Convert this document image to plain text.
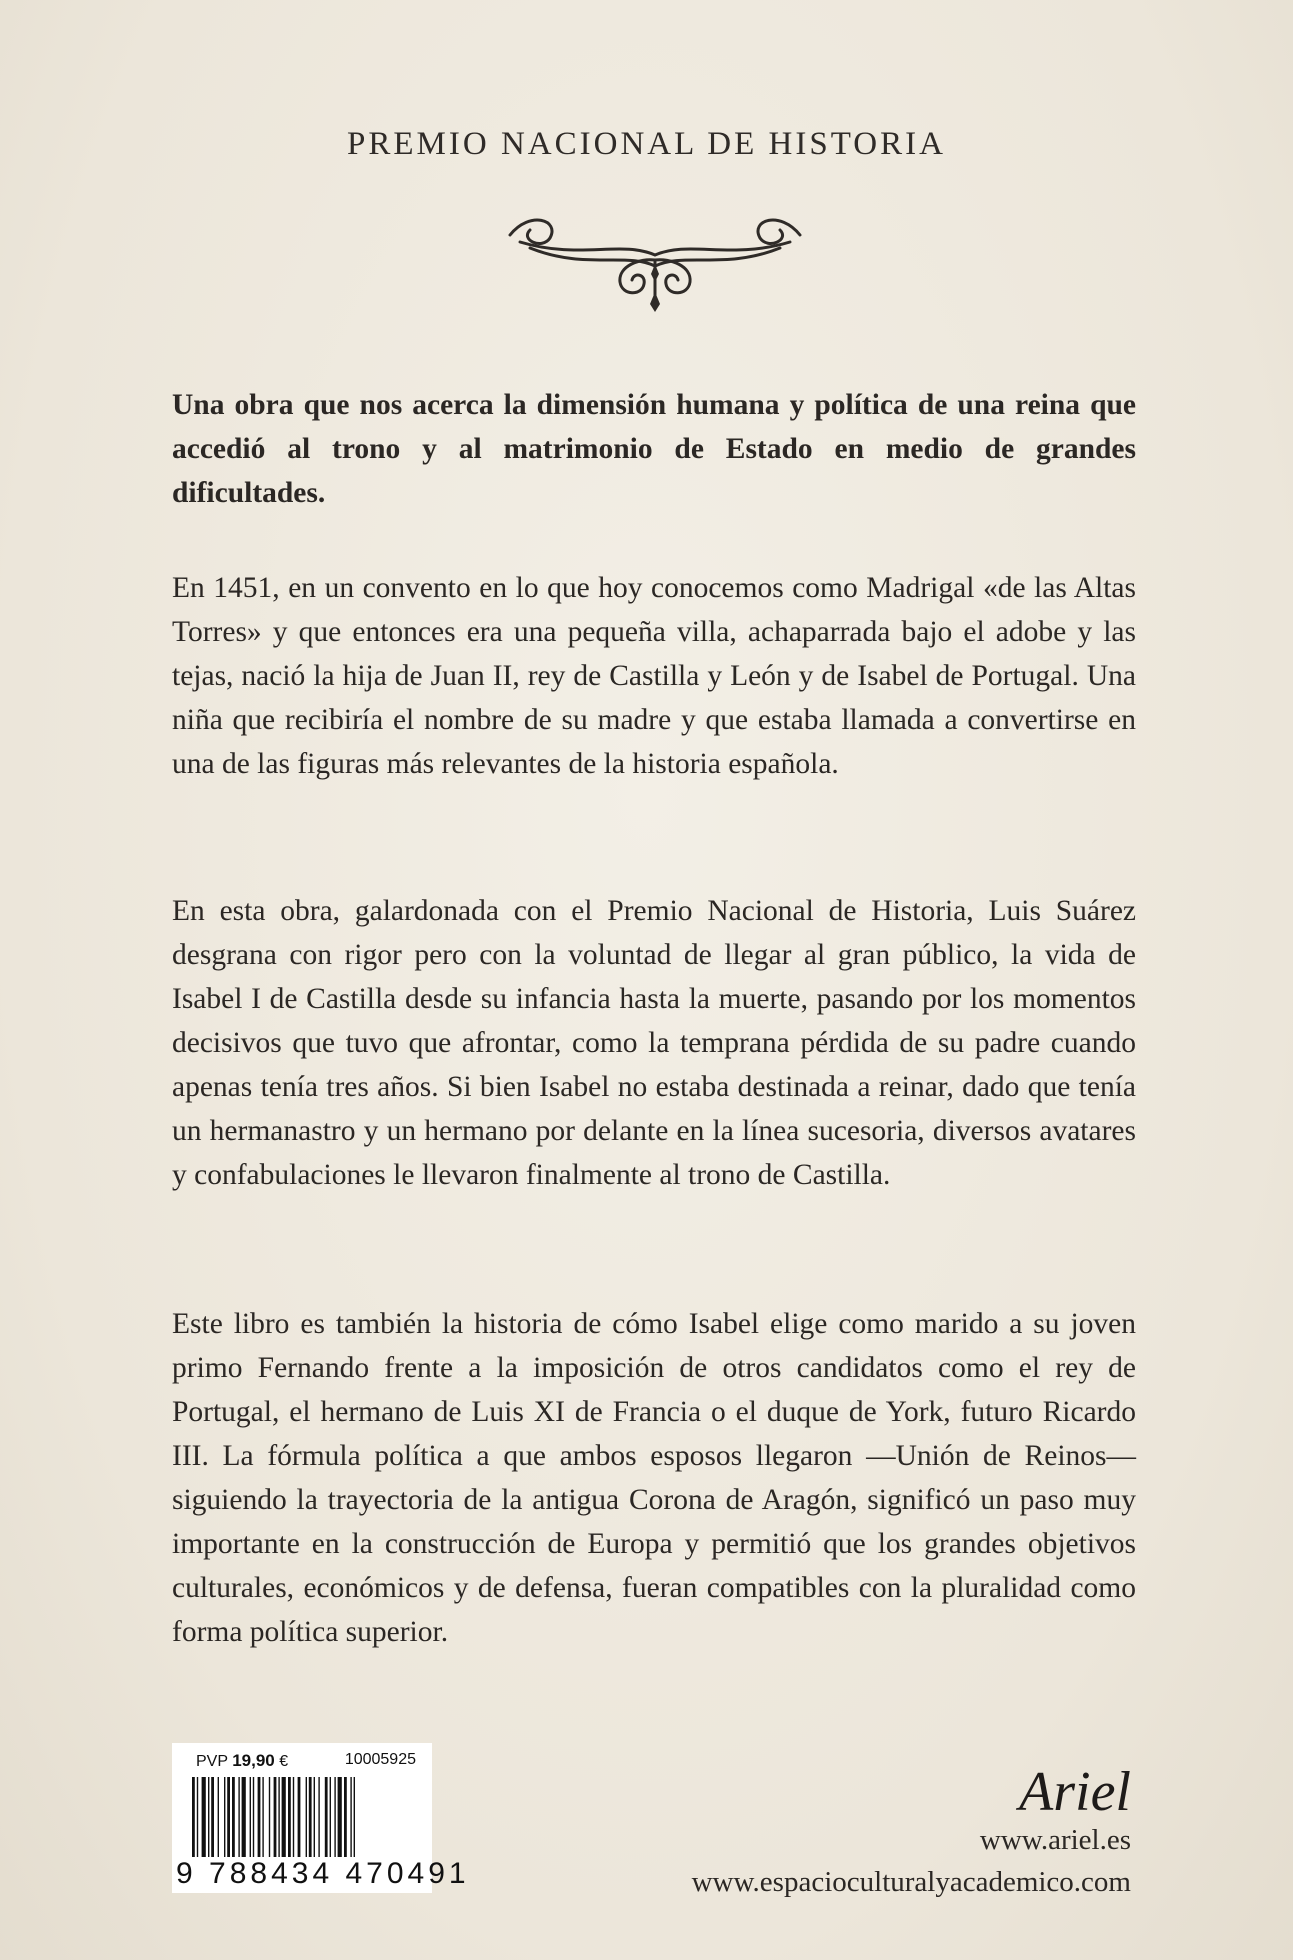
PREMIO NACIONAL DE HISTORIA
Una obra que nos acerca la dimensión humana y política de una reina que accedió al trono y al matrimonio de Estado en medio de grandes dificultades.
En 1451, en un convento en lo que hoy conocemos como Madrigal «de las Altas Torres» y que entonces era una pequeña villa, achaparrada bajo el adobe y las tejas, nació la hija de Juan II, rey de Castilla y León y de Isabel de Portugal. Una niña que recibiría el nombre de su madre y que estaba llamada a convertirse en una de las figuras más relevantes de la historia española.
En esta obra, galardonada con el Premio Nacional de Historia, Luis Suárez desgrana con rigor pero con la voluntad de llegar al gran público, la vida de Isabel I de Castilla desde su infancia hasta la muerte, pasando por los momentos decisivos que tuvo que afrontar, como la temprana pérdida de su padre cuando apenas tenía tres años. Si bien Isabel no estaba destinada a reinar, dado que tenía un hermanastro y un hermano por delante en la línea sucesoria, diversos avatares y confabulaciones le llevaron finalmente al trono de Castilla.
Este libro es también la historia de cómo Isabel elige como marido a su joven primo Fernando frente a la imposición de otros candidatos como el rey de Portugal, el hermano de Luis XI de Francia o el duque de York, futuro Ricardo III. La fórmula política a que ambos esposos llegaron —Unión de Reinos— siguiendo la trayectoria de la antigua Corona de Aragón, significó un paso muy importante en la construcción de Europa y permitió que los grandes objetivos culturales, económicos y de defensa, fueran compatibles con la pluralidad como forma política superior.
PVP 19,90 €	10005925
9 788434 470491
Ariel
www.ariel.es
www.espacioculturalyacademico.com
